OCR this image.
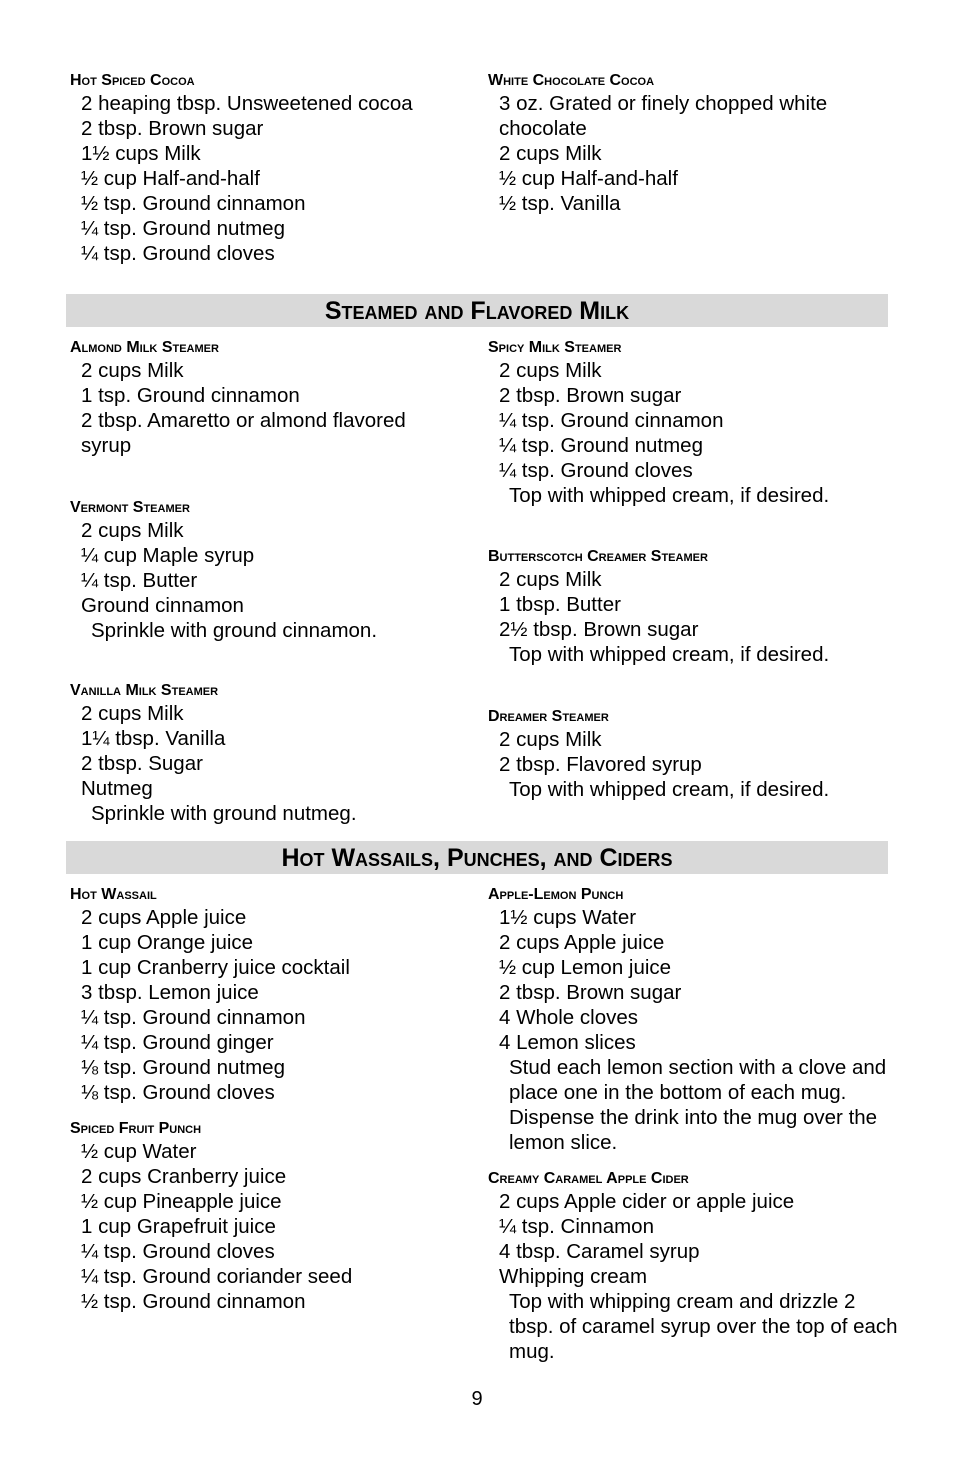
Hot Spiced Cocoa
2 heaping tbsp. Unsweetened cocoa
2 tbsp. Brown sugar
1½ cups Milk
½ cup Half-and-half
½ tsp. Ground cinnamon
¼ tsp. Ground nutmeg
¼ tsp. Ground cloves
White Chocolate Cocoa
3 oz. Grated or finely chopped white chocolate
2 cups Milk
½ cup Half-and-half
½ tsp. Vanilla
Steamed and Flavored Milk
Almond Milk Steamer
2 cups Milk
1 tsp. Ground cinnamon
2 tbsp. Amaretto or almond flavored syrup
Spicy Milk Steamer
2 cups Milk
2 tbsp. Brown sugar
¼ tsp. Ground cinnamon
¼ tsp. Ground nutmeg
¼ tsp. Ground cloves
Top with whipped cream, if desired.
Vermont Steamer
2 cups Milk
¼ cup Maple syrup
¼ tsp. Butter
Ground cinnamon
Sprinkle with ground cinnamon.
Butterscotch Creamer Steamer
2 cups Milk
1 tbsp. Butter
2½ tbsp. Brown sugar
Top with whipped cream, if desired.
Vanilla Milk Steamer
2 cups Milk
1¼ tbsp. Vanilla
2 tbsp. Sugar
Nutmeg
Sprinkle with ground nutmeg.
Dreamer Steamer
2 cups Milk
2 tbsp. Flavored syrup
Top with whipped cream, if desired.
Hot Wassails, Punches, and Ciders
Hot Wassail
2 cups Apple juice
1 cup Orange juice
1 cup Cranberry juice cocktail
3 tbsp. Lemon juice
¼ tsp. Ground cinnamon
¼ tsp. Ground ginger
⅛ tsp. Ground nutmeg
⅛ tsp. Ground cloves
Apple-Lemon Punch
1½ cups Water
2 cups Apple juice
½ cup Lemon juice
2 tbsp. Brown sugar
4 Whole cloves
4 Lemon slices
Stud each lemon section with a clove and place one in the bottom of each mug. Dispense the drink into the mug over the lemon slice.
Spiced Fruit Punch
½ cup Water
2 cups Cranberry juice
½ cup Pineapple juice
1 cup Grapefruit juice
¼ tsp. Ground cloves
¼ tsp. Ground coriander seed
½ tsp. Ground cinnamon
Creamy Caramel Apple Cider
2 cups Apple cider or apple juice
¼ tsp. Cinnamon
4 tbsp. Caramel syrup
Whipping cream
Top with whipping cream and drizzle 2 tbsp. of caramel syrup over the top of each mug.
9
